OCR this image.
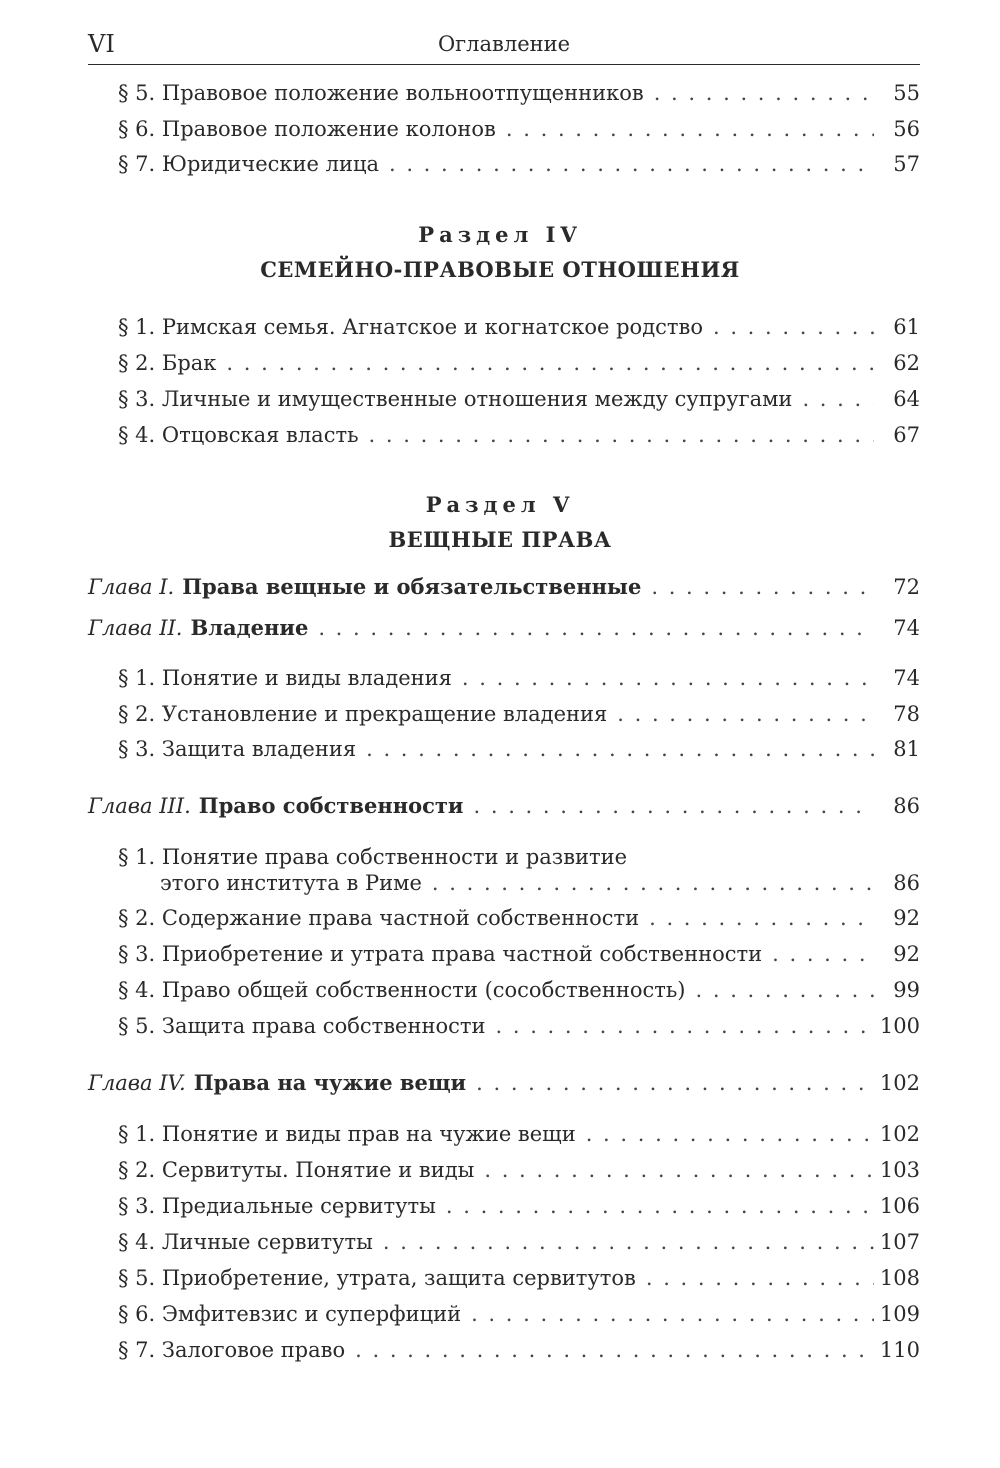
VI	Оглавление
§ 5. Правовое положение вольноотпущенников . . .	55
§ 6. Правовое положение колонов . . .	56
§ 7. Юридические лица . . .	57
Раздел IV
СЕМЕЙНО-ПРАВОВЫЕ ОТНОШЕНИЯ
§ 1. Римская семья. Агнатское и когнатское родство . . .	61
§ 2. Брак . . .	62
§ 3. Личные и имущественные отношения между супругами . . .	64
§ 4. Отцовская власть . . .	67
Раздел V
ВЕЩНЫЕ ПРАВА
Глава I. Права вещные и обязательственные . . .	72
Глава II. Владение . . .	74
§ 1. Понятие и виды владения . . .	74
§ 2. Установление и прекращение владения . . .	78
§ 3. Защита владения . . .	81
Глава III. Право собственности . . .	86
§ 1. Понятие права собственности и развитие
этого института в Риме . . .	86
§ 2. Содержание права частной собственности . . .	92
§ 3. Приобретение и утрата права частной собственности . . .	92
§ 4. Право общей собственности (сособственность) . . .	99
§ 5. Защита права собственности . . .	100
Глава IV. Права на чужие вещи . . .	102
§ 1. Понятие и виды прав на чужие вещи . . .	102
§ 2. Сервитуты. Понятие и виды . . .	103
§ 3. Предиальные сервитуты . . .	106
§ 4. Личные сервитуты . . .	107
§ 5. Приобретение, утрата, защита сервитутов . . .	108
§ 6. Эмфитевзис и суперфиций . . .	109
§ 7. Залоговое право . . .	110
